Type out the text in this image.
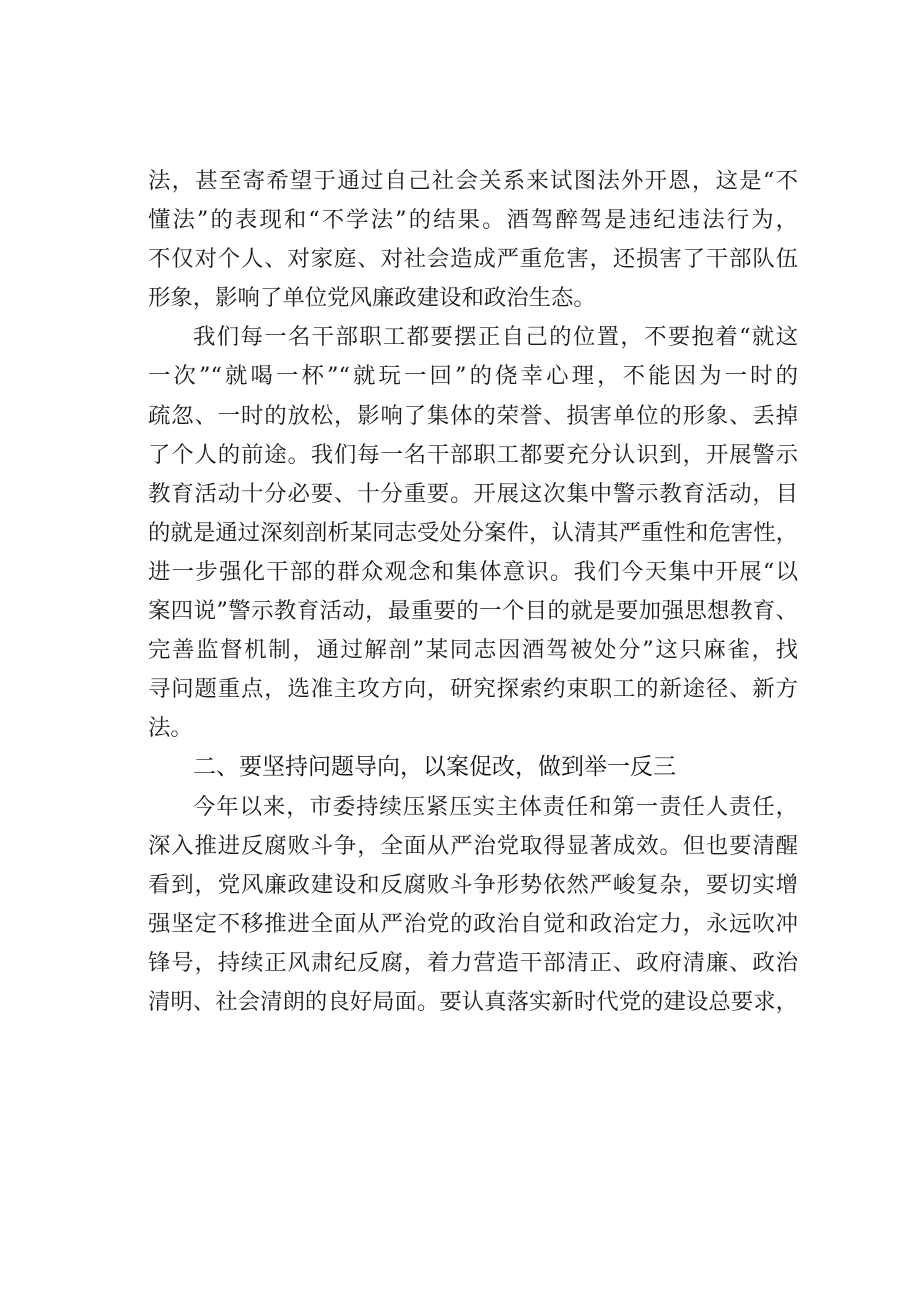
法，甚至寄希望于通过自己社会关系来试图法外开恩，这是“不
懂法”的表现和“不学法”的结果。酒驾醉驾是违纪违法行为，
不仅对个人、对家庭、对社会造成严重危害，还损害了干部队伍
形象，影响了单位党风廉政建设和政治生态。
我们每一名干部职工都要摆正自己的位置，不要抱着“就这
一次”“就喝一杯”“就玩一回”的侥幸心理，不能因为一时的
疏忽、一时的放松，影响了集体的荣誉、损害单位的形象、丢掉
了个人的前途。我们每一名干部职工都要充分认识到，开展警示
教育活动十分必要、十分重要。开展这次集中警示教育活动，目
的就是通过深刻剖析某同志受处分案件，认清其严重性和危害性，
进一步强化干部的群众观念和集体意识。我们今天集中开展“以
案四说”警示教育活动，最重要的一个目的就是要加强思想教育、
完善监督机制，通过解剖”某同志因酒驾被处分”这只麻雀，找
寻问题重点，选准主攻方向，研究探索约束职工的新途径、新方
法。
二、要坚持问题导向，以案促改，做到举一反三
今年以来，市委持续压紧压实主体责任和第一责任人责任，
深入推进反腐败斗争，全面从严治党取得显著成效。但也要清醒
看到，党风廉政建设和反腐败斗争形势依然严峻复杂，要切实增
强坚定不移推进全面从严治党的政治自觉和政治定力，永远吹冲
锋号，持续正风肃纪反腐，着力营造干部清正、政府清廉、政治
清明、社会清朗的良好局面。要认真落实新时代党的建设总要求，
